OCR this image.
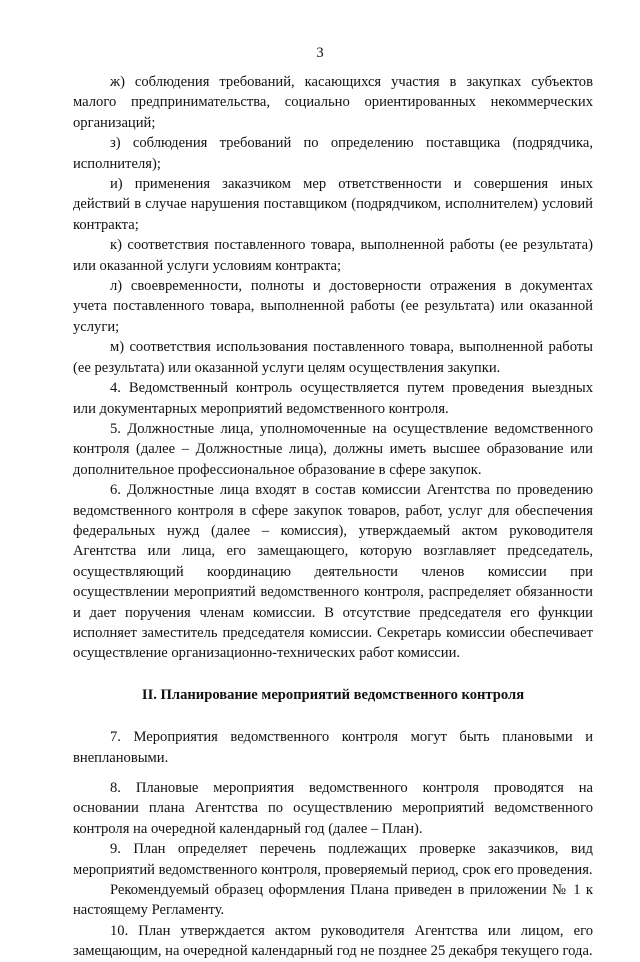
3

ж) соблюдения требований, касающихся участия в закупках субъектов малого предпринимательства, социально ориентированных некоммерческих организаций;

з) соблюдения требований по определению поставщика (подрядчика, исполнителя);

и) применения заказчиком мер ответственности и совершения иных действий в случае нарушения поставщиком (подрядчиком, исполнителем) условий контракта;

к) соответствия поставленного товара, выполненной работы (ее результата) или оказанной услуги условиям контракта;

л) своевременности, полноты и достоверности отражения в документах учета поставленного товара, выполненной работы (ее результата) или оказанной услуги;

м) соответствия использования поставленного товара, выполненной работы (ее результата) или оказанной услуги целям осуществления закупки.

4. Ведомственный контроль осуществляется путем проведения выездных или документарных мероприятий ведомственного контроля.

5. Должностные лица, уполномоченные на осуществление ведомственного контроля (далее – Должностные лица), должны иметь высшее образование или дополнительное профессиональное образование в сфере закупок.

6. Должностные лица входят в состав комиссии Агентства по проведению ведомственного контроля в сфере закупок товаров, работ, услуг для обеспечения федеральных нужд (далее – комиссия), утверждаемый актом руководителя Агентства или лица, его замещающего, которую возглавляет председатель, осуществляющий координацию деятельности членов комиссии при осуществлении мероприятий ведомственного контроля, распределяет обязанности и дает поручения членам комиссии. В отсутствие председателя его функции исполняет заместитель председателя комиссии. Секретарь комиссии обеспечивает осуществление организационно-технических работ комиссии.

II. Планирование мероприятий ведомственного контроля

7. Мероприятия ведомственного контроля могут быть плановыми и внеплановыми.

8. Плановые мероприятия ведомственного контроля проводятся на основании плана Агентства по осуществлению мероприятий ведомственного контроля на очередной календарный год (далее – План).

9. План определяет перечень подлежащих проверке заказчиков, вид мероприятий ведомственного контроля, проверяемый период, срок его проведения.

Рекомендуемый образец оформления Плана приведен в приложении № 1 к настоящему Регламенту.

10. План утверждается актом руководителя Агентства или лицом, его замещающим, на очередной календарный год не позднее 25 декабря текущего года.
